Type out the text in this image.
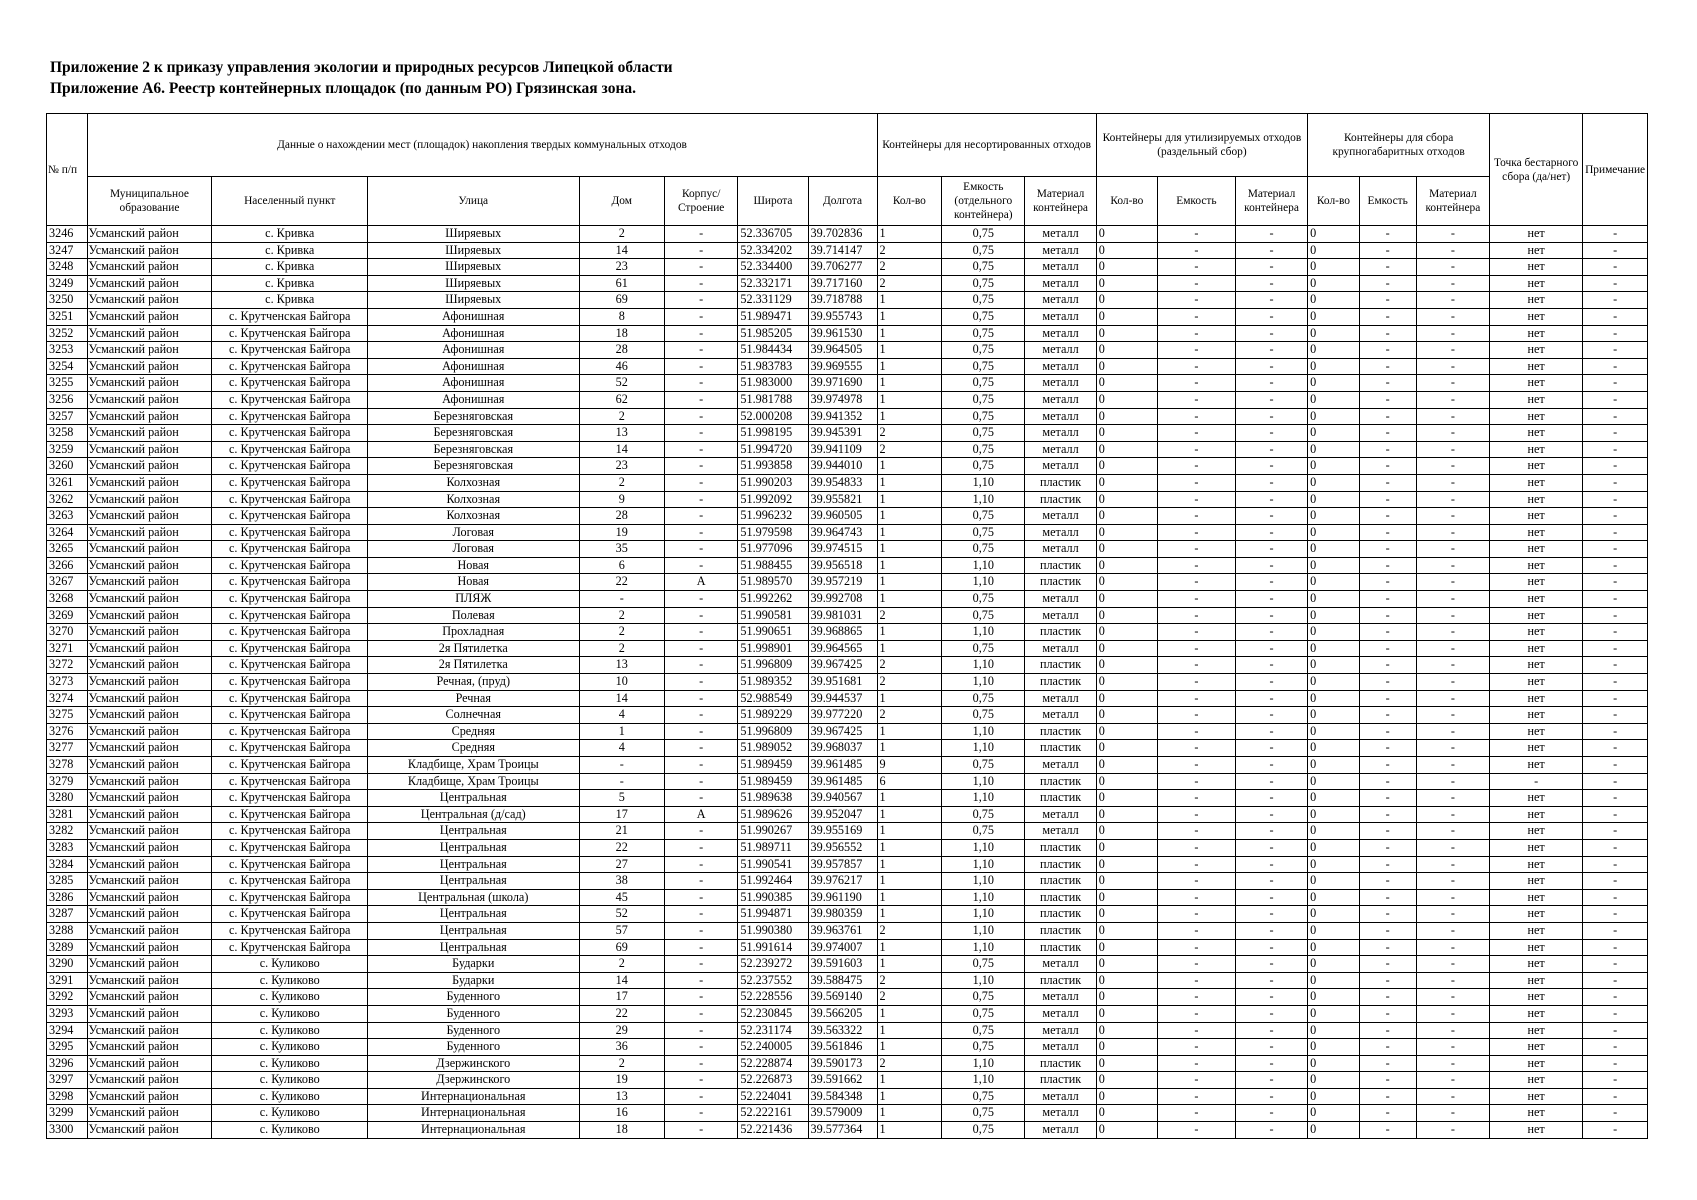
Приложение 2 к приказу управления экологии и природных ресурсов Липецкой области
Приложение А6. Реестр контейнерных площадок (по данным РО) Грязинская зона.
№ п/п	Данные о нахождении мест (площадок) накопления твердых коммунальных отходов							Контейнеры для несортированных отходов			Контейнеры для утилизируемых отходов (раздельный сбор)			Контейнеры для сбора крупногабаритных отходов			Точка бестарного сбора (да/нет)	Примечание
	Муниципальное образование	Населенный пункт	Улица	Дом	Корпус/ Строение	Широта	Долгота	Кол-во	Емкость (отдельного контейнера)	Материал контейнера	Кол-во	Емкость	Материал контейнера	Кол-во	Емкость	Материал контейнера		
3246	Усманский район	с. Кривка	Ширяевых	2	-	52.336705	39.702836	1	0,75	металл	0	-	-	0	-	-	нет	-
3247	Усманский район	с. Кривка	Ширяевых	14	-	52.334202	39.714147	2	0,75	металл	0	-	-	0	-	-	нет	-
3248	Усманский район	с. Кривка	Ширяевых	23	-	52.334400	39.706277	2	0,75	металл	0	-	-	0	-	-	нет	-
3249	Усманский район	с. Кривка	Ширяевых	61	-	52.332171	39.717160	2	0,75	металл	0	-	-	0	-	-	нет	-
3250	Усманский район	с. Кривка	Ширяевых	69	-	52.331129	39.718788	1	0,75	металл	0	-	-	0	-	-	нет	-
3251	Усманский район	с. Крутченская Байгора	Афонишная	8	-	51.989471	39.955743	1	0,75	металл	0	-	-	0	-	-	нет	-
3252	Усманский район	с. Крутченская Байгора	Афонишная	18	-	51.985205	39.961530	1	0,75	металл	0	-	-	0	-	-	нет	-
3253	Усманский район	с. Крутченская Байгора	Афонишная	28	-	51.984434	39.964505	1	0,75	металл	0	-	-	0	-	-	нет	-
3254	Усманский район	с. Крутченская Байгора	Афонишная	46	-	51.983783	39.969555	1	0,75	металл	0	-	-	0	-	-	нет	-
3255	Усманский район	с. Крутченская Байгора	Афонишная	52	-	51.983000	39.971690	1	0,75	металл	0	-	-	0	-	-	нет	-
3256	Усманский район	с. Крутченская Байгора	Афонишная	62	-	51.981788	39.974978	1	0,75	металл	0	-	-	0	-	-	нет	-
3257	Усманский район	с. Крутченская Байгора	Березняговская	2	-	52.000208	39.941352	1	0,75	металл	0	-	-	0	-	-	нет	-
3258	Усманский район	с. Крутченская Байгора	Березняговская	13	-	51.998195	39.945391	2	0,75	металл	0	-	-	0	-	-	нет	-
3259	Усманский район	с. Крутченская Байгора	Березняговская	14	-	51.994720	39.941109	2	0,75	металл	0	-	-	0	-	-	нет	-
3260	Усманский район	с. Крутченская Байгора	Березняговская	23	-	51.993858	39.944010	1	0,75	металл	0	-	-	0	-	-	нет	-
3261	Усманский район	с. Крутченская Байгора	Колхозная	2	-	51.990203	39.954833	1	1,10	пластик	0	-	-	0	-	-	нет	-
3262	Усманский район	с. Крутченская Байгора	Колхозная	9	-	51.992092	39.955821	1	1,10	пластик	0	-	-	0	-	-	нет	-
3263	Усманский район	с. Крутченская Байгора	Колхозная	28	-	51.996232	39.960505	1	0,75	металл	0	-	-	0	-	-	нет	-
3264	Усманский район	с. Крутченская Байгора	Логовая	19	-	51.979598	39.964743	1	0,75	металл	0	-	-	0	-	-	нет	-
3265	Усманский район	с. Крутченская Байгора	Логовая	35	-	51.977096	39.974515	1	0,75	металл	0	-	-	0	-	-	нет	-
3266	Усманский район	с. Крутченская Байгора	Новая	6	-	51.988455	39.956518	1	1,10	пластик	0	-	-	0	-	-	нет	-
3267	Усманский район	с. Крутченская Байгора	Новая	22	А	51.989570	39.957219	1	1,10	пластик	0	-	-	0	-	-	нет	-
3268	Усманский район	с. Крутченская Байгора	ПЛЯЖ	-	-	51.992262	39.992708	1	0,75	металл	0	-	-	0	-	-	нет	-
3269	Усманский район	с. Крутченская Байгора	Полевая	2	-	51.990581	39.981031	2	0,75	металл	0	-	-	0	-	-	нет	-
3270	Усманский район	с. Крутченская Байгора	Прохладная	2	-	51.990651	39.968865	1	1,10	пластик	0	-	-	0	-	-	нет	-
3271	Усманский район	с. Крутченская Байгора	2я Пятилетка	2	-	51.998901	39.964565	1	0,75	металл	0	-	-	0	-	-	нет	-
3272	Усманский район	с. Крутченская Байгора	2я Пятилетка	13	-	51.996809	39.967425	2	1,10	пластик	0	-	-	0	-	-	нет	-
3273	Усманский район	с. Крутченская Байгора	Речная, (пруд)	10	-	51.989352	39.951681	2	1,10	пластик	0	-	-	0	-	-	нет	-
3274	Усманский район	с. Крутченская Байгора	Речная	14	-	52.988549	39.944537	1	0,75	металл	0	-	-	0	-	-	нет	-
3275	Усманский район	с. Крутченская Байгора	Солнечная	4	-	51.989229	39.977220	2	0,75	металл	0	-	-	0	-	-	нет	-
3276	Усманский район	с. Крутченская Байгора	Средняя	1	-	51.996809	39.967425	1	1,10	пластик	0	-	-	0	-	-	нет	-
3277	Усманский район	с. Крутченская Байгора	Средняя	4	-	51.989052	39.968037	1	1,10	пластик	0	-	-	0	-	-	нет	-
3278	Усманский район	с. Крутченская Байгора	Кладбище, Храм Троицы	-	-	51.989459	39.961485	9	0,75	металл	0	-	-	0	-	-	нет	-
3279	Усманский район	с. Крутченская Байгора	Кладбище, Храм Троицы	-	-	51.989459	39.961485	6	1,10	пластик	0	-	-	0	-	-	-	-
3280	Усманский район	с. Крутченская Байгора	Центральная	5	-	51.989638	39.940567	1	1,10	пластик	0	-	-	0	-	-	нет	-
3281	Усманский район	с. Крутченская Байгора	Центральная (д/сад)	17	А	51.989626	39.952047	1	0,75	металл	0	-	-	0	-	-	нет	-
3282	Усманский район	с. Крутченская Байгора	Центральная	21	-	51.990267	39.955169	1	0,75	металл	0	-	-	0	-	-	нет	-
3283	Усманский район	с. Крутченская Байгора	Центральная	22	-	51.989711	39.956552	1	1,10	пластик	0	-	-	0	-	-	нет	-
3284	Усманский район	с. Крутченская Байгора	Центральная	27	-	51.990541	39.957857	1	1,10	пластик	0	-	-	0	-	-	нет	-
3285	Усманский район	с. Крутченская Байгора	Центральная	38	-	51.992464	39.976217	1	1,10	пластик	0	-	-	0	-	-	нет	-
3286	Усманский район	с. Крутченская Байгора	Центральная (школа)	45	-	51.990385	39.961190	1	1,10	пластик	0	-	-	0	-	-	нет	-
3287	Усманский район	с. Крутченская Байгора	Центральная	52	-	51.994871	39.980359	1	1,10	пластик	0	-	-	0	-	-	нет	-
3288	Усманский район	с. Крутченская Байгора	Центральная	57	-	51.990380	39.963761	2	1,10	пластик	0	-	-	0	-	-	нет	-
3289	Усманский район	с. Крутченская Байгора	Центральная	69	-	51.991614	39.974007	1	1,10	пластик	0	-	-	0	-	-	нет	-
3290	Усманский район	с. Куликово	Бударки	2	-	52.239272	39.591603	1	0,75	металл	0	-	-	0	-	-	нет	-
3291	Усманский район	с. Куликово	Бударки	14	-	52.237552	39.588475	2	1,10	пластик	0	-	-	0	-	-	нет	-
3292	Усманский район	с. Куликово	Буденного	17	-	52.228556	39.569140	2	0,75	металл	0	-	-	0	-	-	нет	-
3293	Усманский район	с. Куликово	Буденного	22	-	52.230845	39.566205	1	0,75	металл	0	-	-	0	-	-	нет	-
3294	Усманский район	с. Куликово	Буденного	29	-	52.231174	39.563322	1	0,75	металл	0	-	-	0	-	-	нет	-
3295	Усманский район	с. Куликово	Буденного	36	-	52.240005	39.561846	1	0,75	металл	0	-	-	0	-	-	нет	-
3296	Усманский район	с. Куликово	Дзержинского	2	-	52.228874	39.590173	2	1,10	пластик	0	-	-	0	-	-	нет	-
3297	Усманский район	с. Куликово	Дзержинского	19	-	52.226873	39.591662	1	1,10	пластик	0	-	-	0	-	-	нет	-
3298	Усманский район	с. Куликово	Интернациональная	13	-	52.224041	39.584348	1	0,75	металл	0	-	-	0	-	-	нет	-
3299	Усманский район	с. Куликово	Интернациональная	16	-	52.222161	39.579009	1	0,75	металл	0	-	-	0	-	-	нет	-
3300	Усманский район	с. Куликово	Интернациональная	18	-	52.221436	39.577364	1	0,75	металл	0	-	-	0	-	-	нет	-
